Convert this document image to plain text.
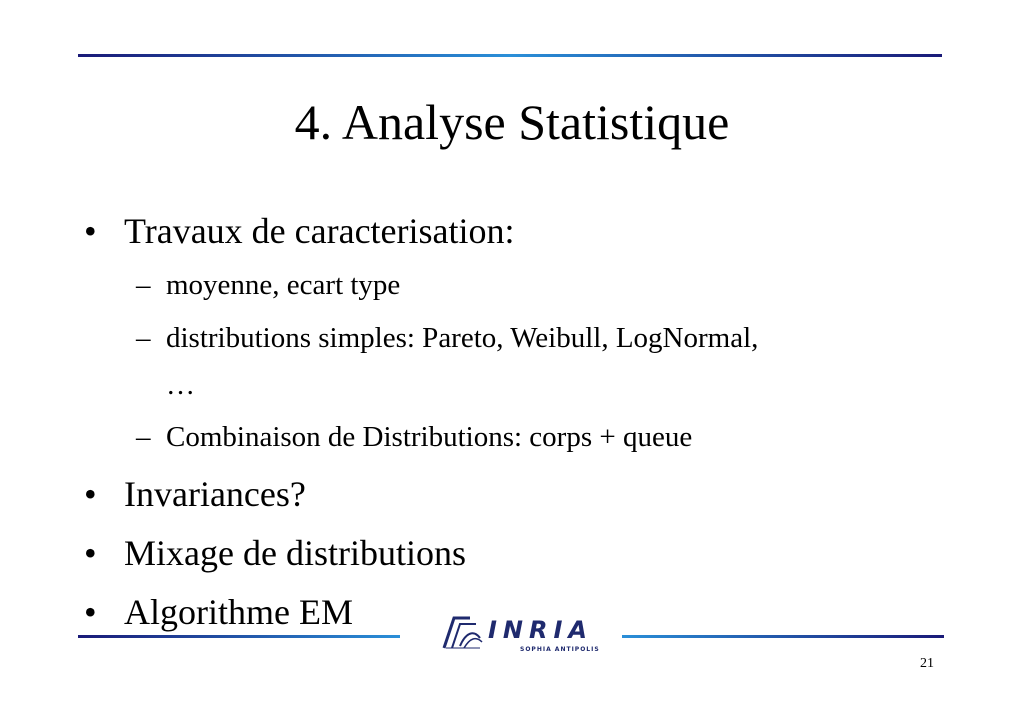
4. Analyse Statistique
• Travaux de caracterisation:
– moyenne, ecart type
– distributions simples: Pareto, Weibull, LogNormal,
…
– Combinaison de Distributions: corps + queue
• Invariances?
• Mixage de distributions
• Algorithme EM	INRIA
SOPHIA ANTIPOLIS
21
